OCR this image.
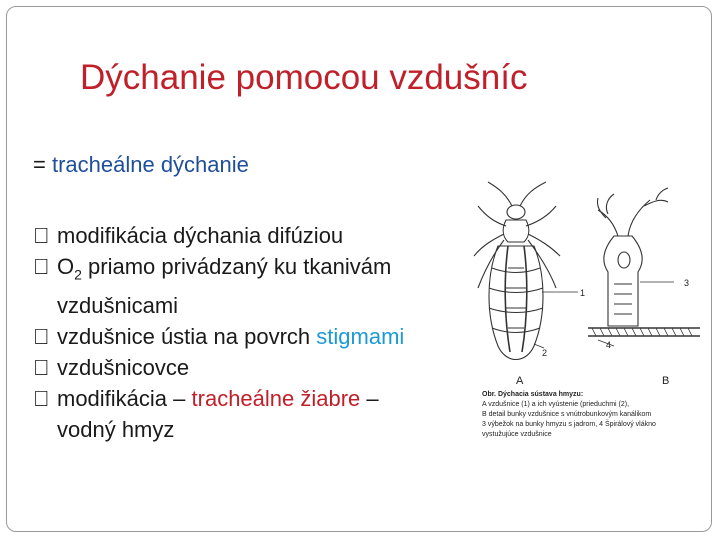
Dýchanie pomocou vzdušníc
= tracheálne dýchanie
  modifikácia dýchania difúziou
  $O_2$ priamo privádzaný ku tkanivám
vzdušnicami
  vzdušnice ústia na povrch stigmami
  vzdušnicovce
  modifikácia – tracheálne žiabre –
vodný hmyz
1
2
3
4
A	B
Obr. Dýchacia sústava hmyzu:
A vzdušnice (1) a ich vyústenie (prieduchmi (2),
B detail bunky vzdušnice s vnútrobunkovým kanálikom
3 výbežok na bunky hmyzu s jadrom, 4 Špirálový vlákno
vystužujúce vzdušnice
